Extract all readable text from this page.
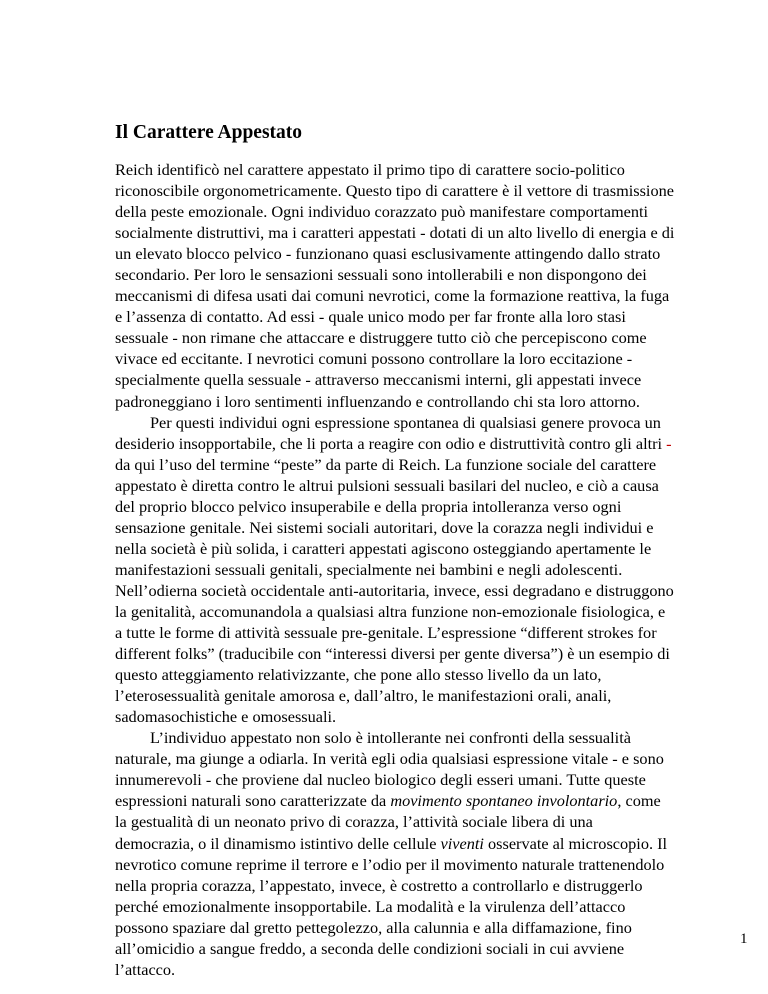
Il Carattere Appestato
Reich identificò nel carattere appestato il primo tipo di carattere socio-politico
riconoscibile orgonometricamente. Questo tipo di carattere è il vettore di trasmissione
della peste emozionale. Ogni individuo corazzato può manifestare comportamenti
socialmente distruttivi, ma i caratteri appestati - dotati di un alto livello di energia e di
un elevato blocco pelvico - funzionano quasi esclusivamente attingendo dallo strato
secondario. Per loro le sensazioni sessuali sono intollerabili e non dispongono dei
meccanismi di difesa usati dai comuni nevrotici, come la formazione reattiva, la fuga
e l’assenza di contatto. Ad essi - quale unico modo per far fronte alla loro stasi
sessuale - non rimane che attaccare e distruggere tutto ciò che percepiscono come
vivace ed eccitante. I nevrotici comuni possono controllare la loro eccitazione -
specialmente quella sessuale - attraverso meccanismi interni, gli appestati invece
padroneggiano i loro sentimenti influenzando e controllando chi sta loro attorno.
Per questi individui ogni espressione spontanea di qualsiasi genere provoca un
desiderio insopportabile, che li porta a reagire con odio e distruttività contro gli altri -
da qui l’uso del termine “peste” da parte di Reich. La funzione sociale del carattere
appestato è diretta contro le altrui pulsioni sessuali basilari del nucleo, e ciò a causa
del proprio blocco pelvico insuperabile e della propria intolleranza verso ogni
sensazione genitale. Nei sistemi sociali autoritari, dove la corazza negli individui e
nella società è più solida, i caratteri appestati agiscono osteggiando apertamente le
manifestazioni sessuali genitali, specialmente nei bambini e negli adolescenti.
Nell’odierna società occidentale anti-autoritaria, invece, essi degradano e distruggono
la genitalità, accomunandola a qualsiasi altra funzione non-emozionale fisiologica, e
a tutte le forme di attività sessuale pre-genitale. L’espressione “different strokes for
different folks” (traducibile con “interessi diversi per gente diversa”) è un esempio di
questo atteggiamento relativizzante, che pone allo stesso livello da un lato,
l’eterosessualità genitale amorosa e, dall’altro, le manifestazioni orali, anali,
sadomasochistiche e omosessuali.
L’individuo appestato non solo è intollerante nei confronti della sessualità
naturale, ma giunge a odiarla. In verità egli odia qualsiasi espressione vitale - e sono
innumerevoli - che proviene dal nucleo biologico degli esseri umani. Tutte queste
espressioni naturali sono caratterizzate da movimento spontaneo involontario, come
la gestualità di un neonato privo di corazza, l’attività sociale libera di una
democrazia, o il dinamismo istintivo delle cellule viventi osservate al microscopio. Il
nevrotico comune reprime il terrore e l’odio per il movimento naturale trattenendolo
nella propria corazza, l’appestato, invece, è costretto a controllarlo e distruggerlo
perché emozionalmente insopportabile. La modalità e la virulenza dell’attacco
possono spaziare dal gretto pettegolezzo, alla calunnia e alla diffamazione, fino
all’omicidio a sangue freddo, a seconda delle condizioni sociali in cui avviene
l’attacco.
1
